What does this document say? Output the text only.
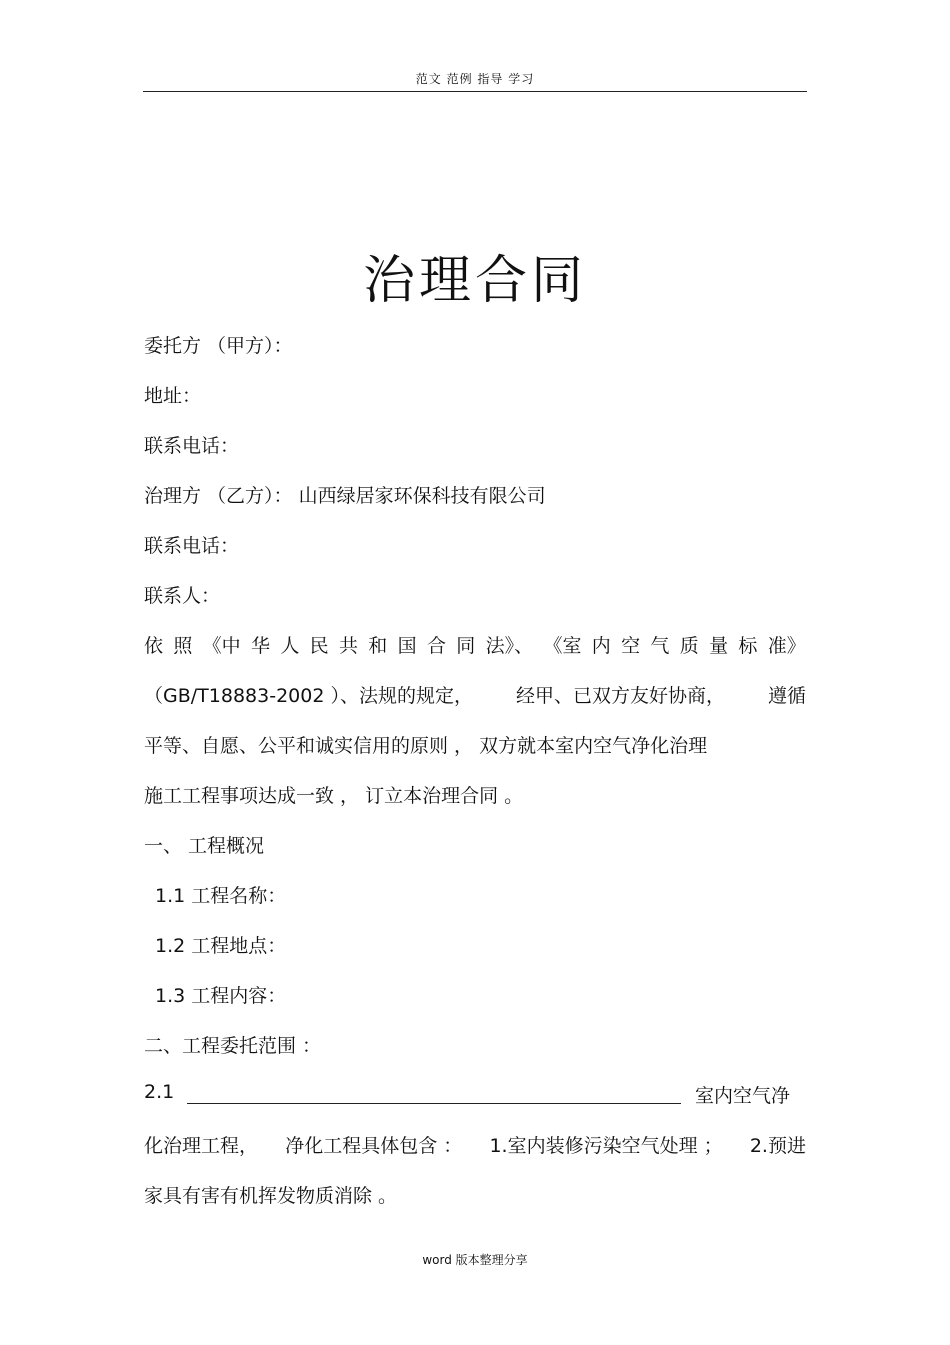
范文 范例 指导 学习
治理合同
委托方 （甲方）：
地址：
联系电话：
治理方 （乙方）： 山西绿居家环保科技有限公司
联系电话：
联系人：
依 照 《中 华 人 民 共 和 国 合 同 法》、 《室 内 空 气 质 量 标 准》
（GB/T18883-2002 ）、法规的规定， 经甲、已双方友好协商， 遵循
平等、自愿、公平和诚实信用的原则 ， 双方就本室内空气净化治理
施工工程事项达成一致 ， 订立本治理合同 。
一、 工程概况
1.1 工程名称：
1.2 工程地点：
1.3 工程内容：
二、工程委托范围 ：
2.1	室内空气净
化治理工程， 净化工程具体包含 ： 1.室内装修污染空气处理 ； 2.预进
家具有害有机挥发物质消除 。
word 版本整理分享
